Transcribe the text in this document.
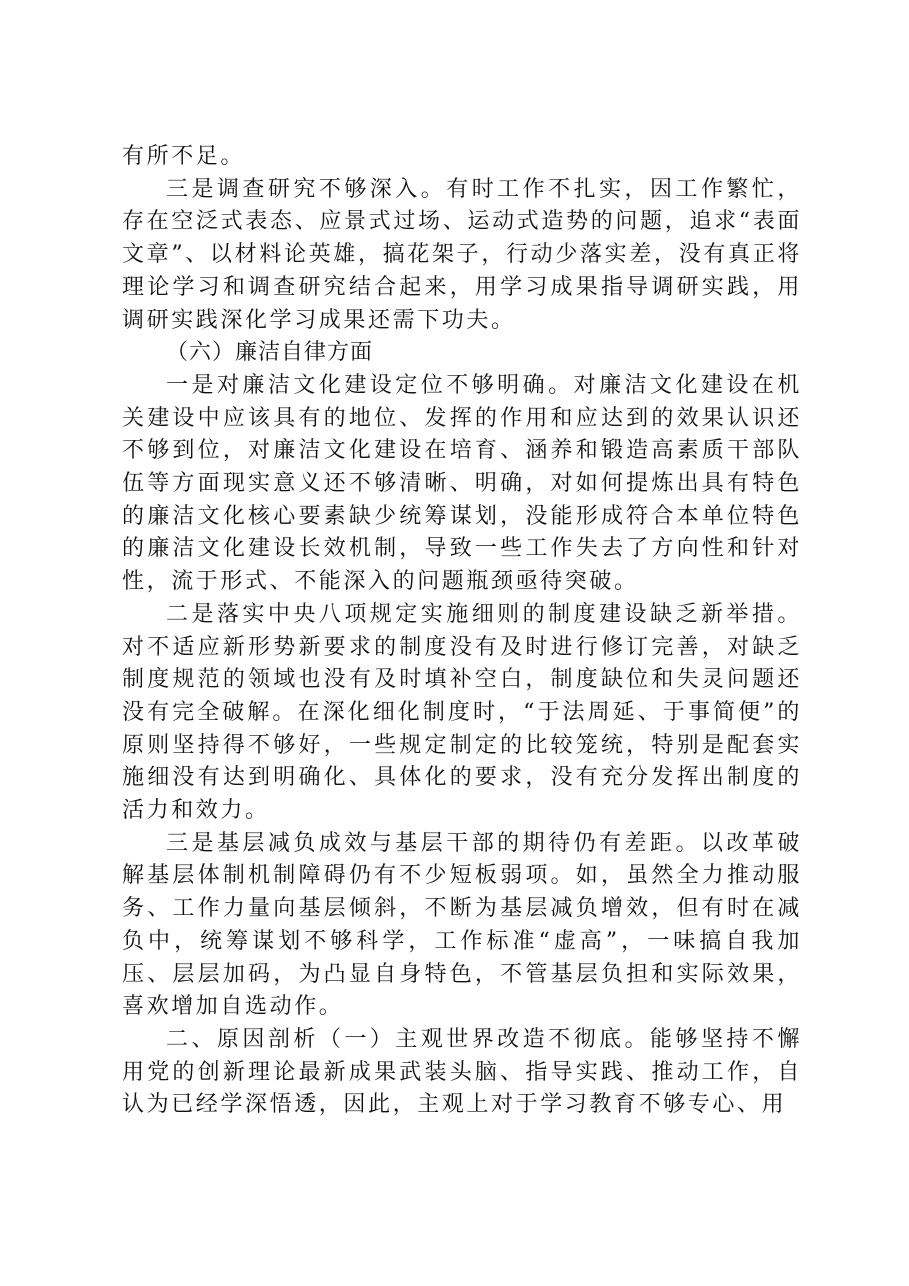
有所不足。

三是调查研究不够深入。有时工作不扎实，因工作繁忙，存在空泛式表态、应景式过场、运动式造势的问题，追求“表面文章”、以材料论英雄，搞花架子，行动少落实差，没有真正将理论学习和调查研究结合起来，用学习成果指导调研实践，用调研实践深化学习成果还需下功夫。

（六）廉洁自律方面

一是对廉洁文化建设定位不够明确。对廉洁文化建设在机关建设中应该具有的地位、发挥的作用和应达到的效果认识还不够到位，对廉洁文化建设在培育、涵养和锻造高素质干部队伍等方面现实意义还不够清晰、明确，对如何提炼出具有特色的廉洁文化核心要素缺少统筹谋划，没能形成符合本单位特色的廉洁文化建设长效机制，导致一些工作失去了方向性和针对性，流于形式、不能深入的问题瓶颈亟待突破。

二是落实中央八项规定实施细则的制度建设缺乏新举措。对不适应新形势新要求的制度没有及时进行修订完善，对缺乏制度规范的领域也没有及时填补空白，制度缺位和失灵问题还没有完全破解。在深化细化制度时，“于法周延、于事简便”的原则坚持得不够好，一些规定制定的比较笼统，特别是配套实施细没有达到明确化、具体化的要求，没有充分发挥出制度的活力和效力。

三是基层减负成效与基层干部的期待仍有差距。以改革破解基层体制机制障碍仍有不少短板弱项。如，虽然全力推动服务、工作力量向基层倾斜，不断为基层减负增效，但有时在减负中，统筹谋划不够科学，工作标准“虚高”，一味搞自我加压、层层加码，为凸显自身特色，不管基层负担和实际效果，喜欢增加自选动作。

二、原因剖析（一）主观世界改造不彻底。能够坚持不懈用党的创新理论最新成果武装头脑、指导实践、推动工作，自认为已经学深悟透，因此，主观上对于学习教育不够专心、用
